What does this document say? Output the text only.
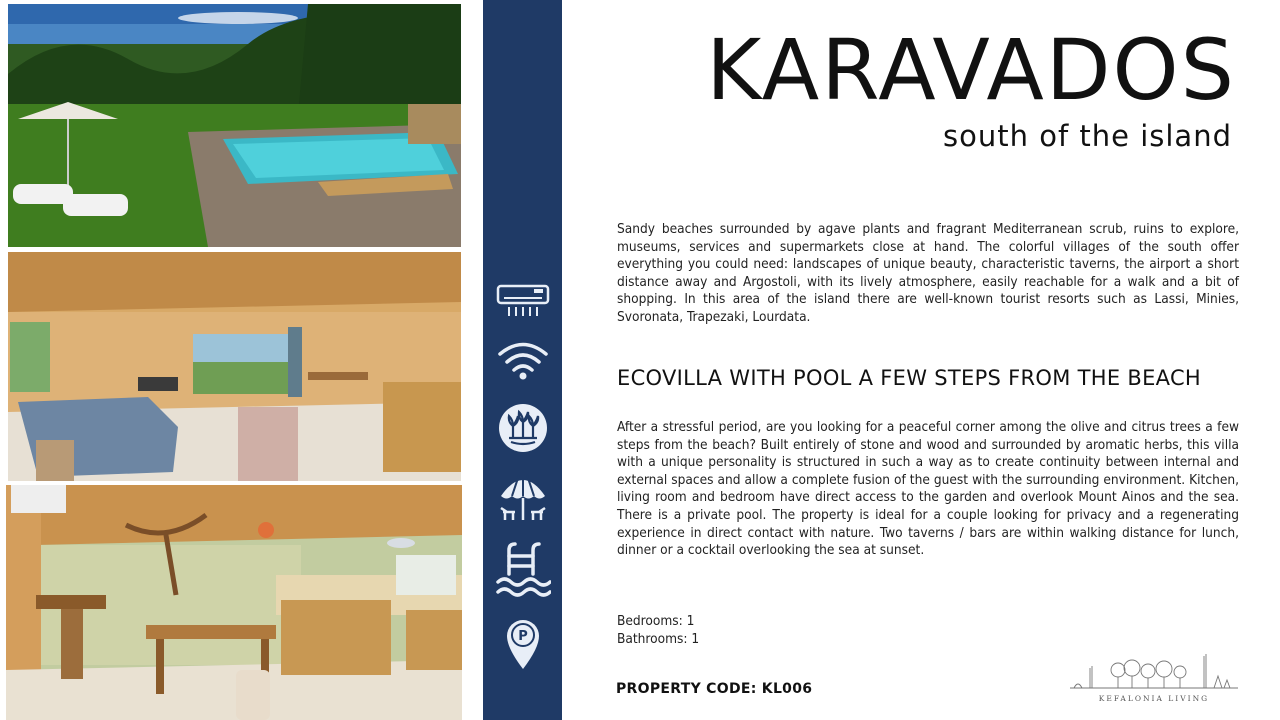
P
KARAVADOS
south of the island
Sandy beaches surrounded by agave plants and fragrant Mediterranean scrub, ruins to explore, museums, services and supermarkets close at hand. The colorful villages of the south offer everything you could need: landscapes of unique beauty, characteristic taverns, the airport a short distance away and Argostoli, with its lively atmosphere, easily reachable for a walk and a bit of shopping. In this area of the island there are well-known tourist resorts such as Lassi, Minies, Svoronata, Trapezaki, Lourdata.
ECOVILLA WITH POOL A FEW STEPS FROM THE BEACH
After a stressful period, are you looking for a peaceful corner among the olive and citrus trees a few steps from the beach? Built entirely of stone and wood and surrounded by aromatic herbs, this villa with a unique personality is structured in such a way as to create continuity between internal and external spaces and allow a complete fusion of the guest with the surrounding environment. Kitchen, living room and bedroom have direct access to the garden and overlook Mount Ainos and the sea. There is a private pool. The property is ideal for a couple looking for privacy and a regenerating experience in direct contact with nature. Two taverns / bars are within walking distance for lunch, dinner or a cocktail overlooking the sea at sunset.
Bedrooms: 1
Bathrooms: 1
PROPERTY CODE: KL006
KEFALONIA LIVING
